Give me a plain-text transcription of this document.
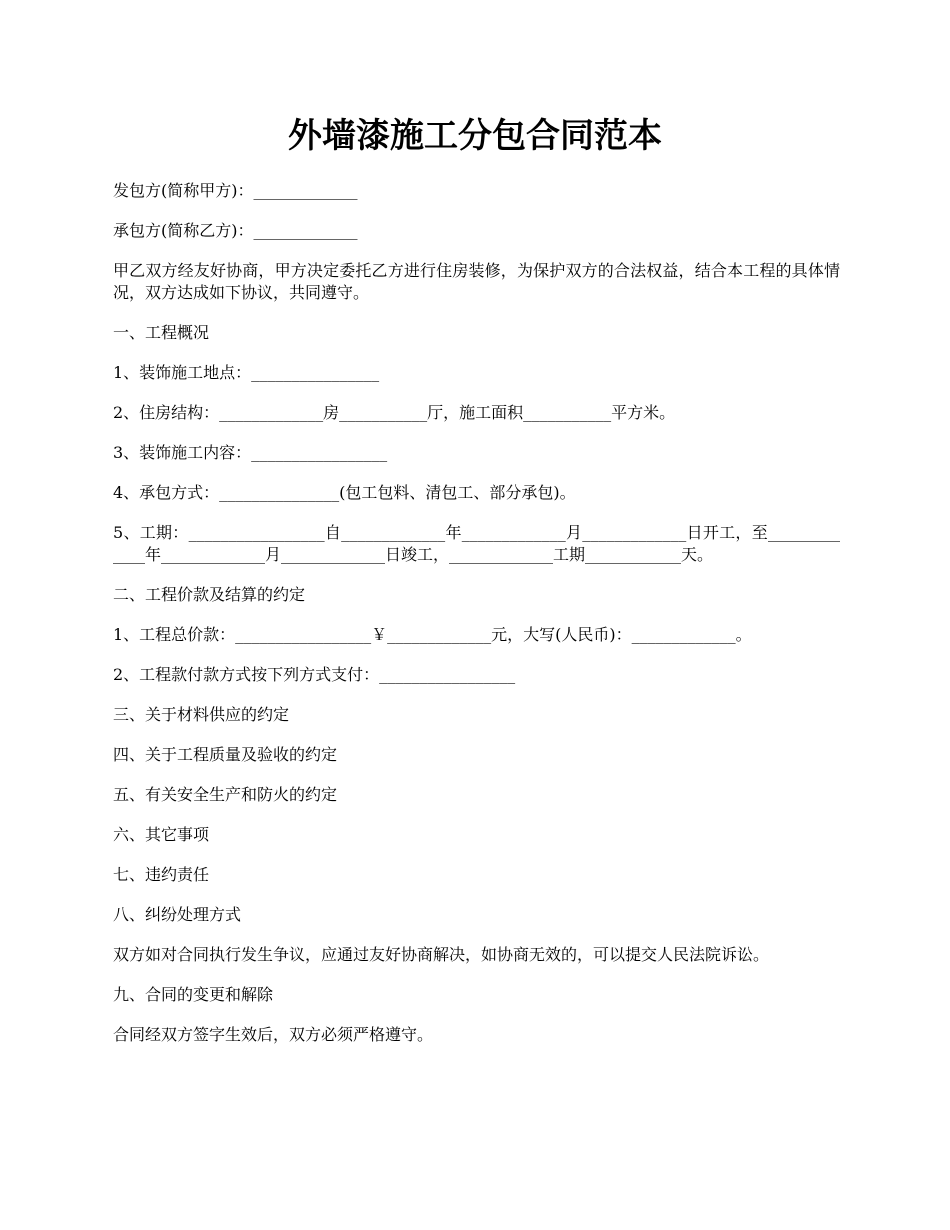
外墙漆施工分包合同范本

发包方(简称甲方)：_____________

承包方(简称乙方)：_____________

甲乙双方经友好协商，甲方决定委托乙方进行住房装修，为保护双方的合法权益，结合本工程的具体情况，双方达成如下协议，共同遵守。

一、工程概况

1、装饰施工地点：________________

2、住房结构：_____________房___________厅，施工面积___________平方米。

3、装饰施工内容：_________________

4、承包方式：_______________(包工包料、清包工、部分承包)。

5、工期：_________________自_____________年_____________月_____________日开工，至_____________年_____________月_____________日竣工，_____________工期____________天。

二、工程价款及结算的约定

1、工程总价款：_________________￥_____________元，大写(人民币)：_____________。

2、工程款付款方式按下列方式支付：_________________

三、关于材料供应的约定

四、关于工程质量及验收的约定

五、有关安全生产和防火的约定

六、其它事项

七、违约责任

八、纠纷处理方式

双方如对合同执行发生争议，应通过友好协商解决，如协商无效的，可以提交人民法院诉讼。

九、合同的变更和解除

合同经双方签字生效后，双方必须严格遵守。
